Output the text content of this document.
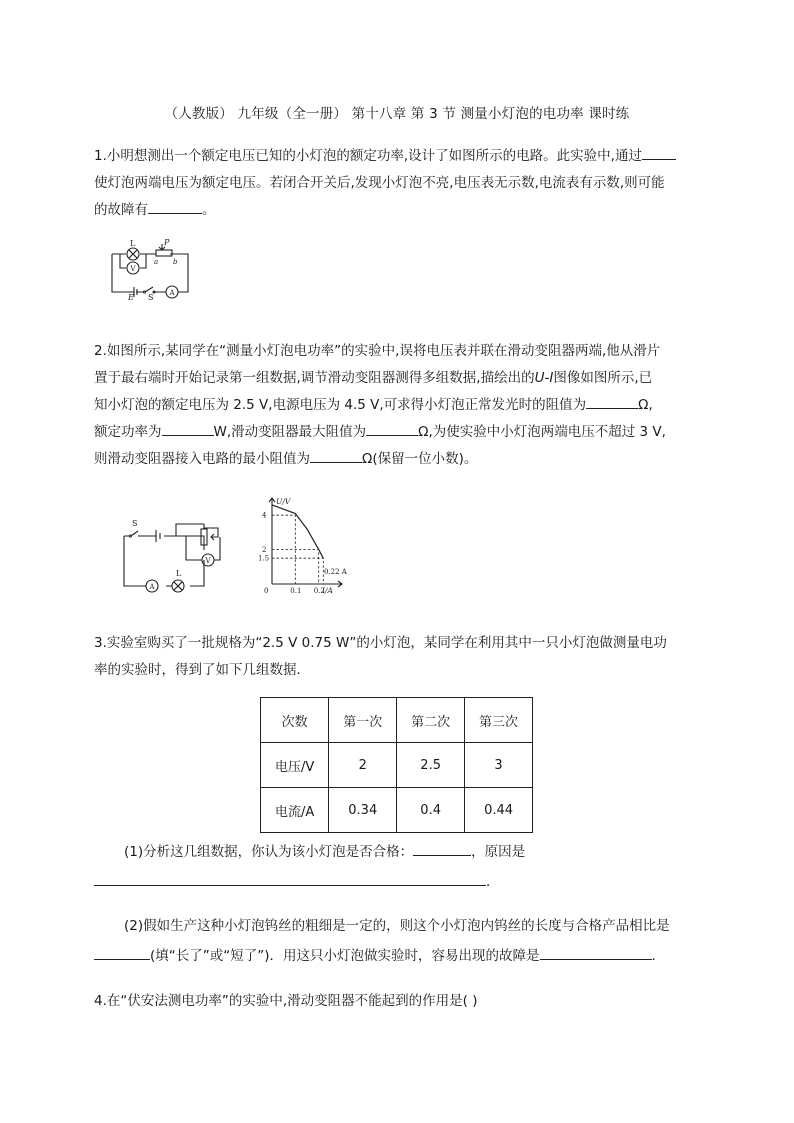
（人教版） 九年级（全一册） 第十八章 第 3 节 测量小灯泡的电功率 课时练

1.小明想测出一个额定电压已知的小灯泡的额定功率,设计了如图所示的电路。此实验中,通过

使灯泡两端电压为额定电压。若闭合开关后,发现小灯泡不亮,电压表无示数,电流表有示数,则可能

的故障有	。

L	P
a b
V
E S A

2.如图所示,某同学在“测量小灯泡电功率”的实验中,误将电压表并联在滑动变阻器两端,他从滑片

置于最右端时开始记录第一组数据,调节滑动变阻器测得多组数据,描绘出的U-I图像如图所示,已

知小灯泡的额定电压为 2.5 V,电源电压为 4.5 V,可求得小灯泡正常发光时的阻值为	Ω,

额定功率为	W,滑动变阻器最大阻值为	Ω,为使实验中小灯泡两端电压不超过 3 V,

则滑动变阻器接入电路的最小阻值为	Ω(保留一位小数)。

S
V
A
L
U/V
I/A
0	0.1 0.2
1.5
2
4
0.22 A

3.实验室购买了一批规格为“2.5 V 0.75 W”的小灯泡，某同学在利用其中一只小灯泡做测量电功

率的实验时，得到了如下几组数据．

次数	第一次	第二次	第三次
电压/V	2	2.5	3
电流/A	0.34	0.4	0.44
(1)分析这几组数据，你认为该小灯泡是否合格：	，原因是
．
(2)假如生产这种小灯泡钨丝的粗细是一定的，则这个小灯泡内钨丝的长度与合格产品相比是
(填“长了”或“短了”)．用这只小灯泡做实验时，容易出现的故障是	.

4.在“伏安法测电功率”的实验中,滑动变阻器不能起到的作用是( )
